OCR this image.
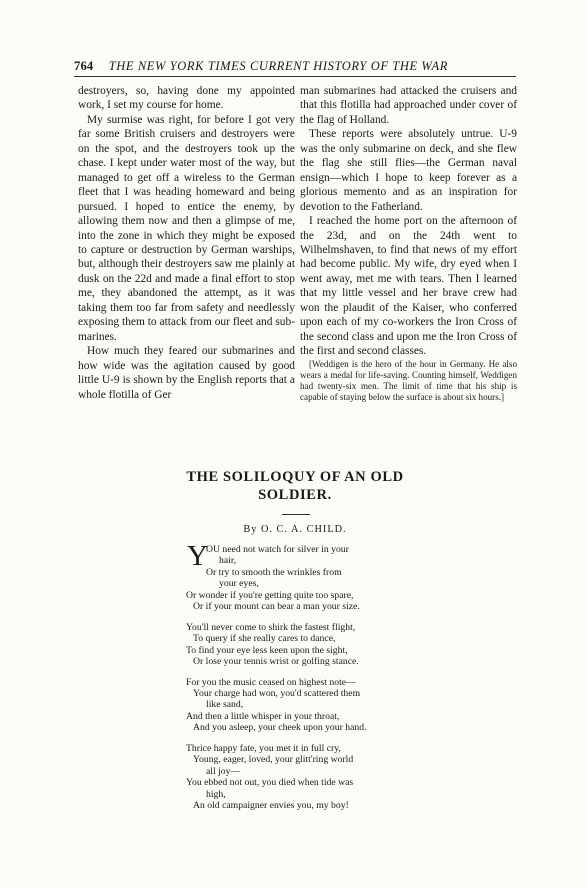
764 THE NEW YORK TIMES CURRENT HISTORY OF THE WAR

destroyers, so, having done my appointed work, I set my course for home.

My surmise was right, for before I got very far some British cruisers and destroyers were on the spot, and the destroyers took up the chase. I kept under water most of the way, but managed to get off a wireless to the German fleet that I was heading homeward and being pursued. I hoped to entice the enemy, by allowing them now and then a glimpse of me, into the zone in which they might be exposed to capture or destruction by German warships, but, although their destroyers saw me plainly at dusk on the 22d and made a final effort to stop me, they abandoned the attempt, as it was taking them too far from safety and needlessly exposing them to attack from our fleet and submarines.

How much they feared our submarines and how wide was the agitation caused by good little U-9 is shown by the English reports that a whole flotilla of Ger

man submarines had attacked the cruisers and that this flotilla had approached under cover of the flag of Holland.

These reports were absolutely untrue. U-9 was the only submarine on deck, and she flew the flag she still flies—the German naval ensign—which I hope to keep forever as a glorious memento and as an inspiration for devotion to the Fatherland.

I reached the home port on the afternoon of the 23d, and on the 24th went to Wilhelmshaven, to find that news of my effort had become public. My wife, dry eyed when I went away, met me with tears. Then I learned that my little vessel and her brave crew had won the plaudit of the Kaiser, who conferred upon each of my co-workers the Iron Cross of the second class and upon me the Iron Cross of the first and second classes.

[Weddigen is the hero of the hour in Germany. He also wears a medal for life-saving. Counting himself, Weddigen had twenty-six men. The limit of time that his ship is capable of staying below the surface is about six hours.]

THE SOLILOQUY OF AN OLD
SOLDIER.
By O. C. A. CHILD.
Y
OU need not watch for silver in your
hair,
Or try to smooth the wrinkles from
your eyes,
Or wonder if you're getting quite too spare,
Or if your mount can bear a man your size.
You'll never come to shirk the fastest flight,
To query if she really cares to dance,
To find your eye less keen upon the sight,
Or lose your tennis wrist or golfing stance.
For you the music ceased on highest note—
Your charge had won, you'd scattered them
like sand,
And then a little whisper in your throat,
And you asleep, your cheek upon your hand.
Thrice happy fate, you met it in full cry,
Young, eager, loved, your glitt'ring world
all joy—
You ebbed not out, you died when tide was
high,
An old campaigner envies you, my boy!
